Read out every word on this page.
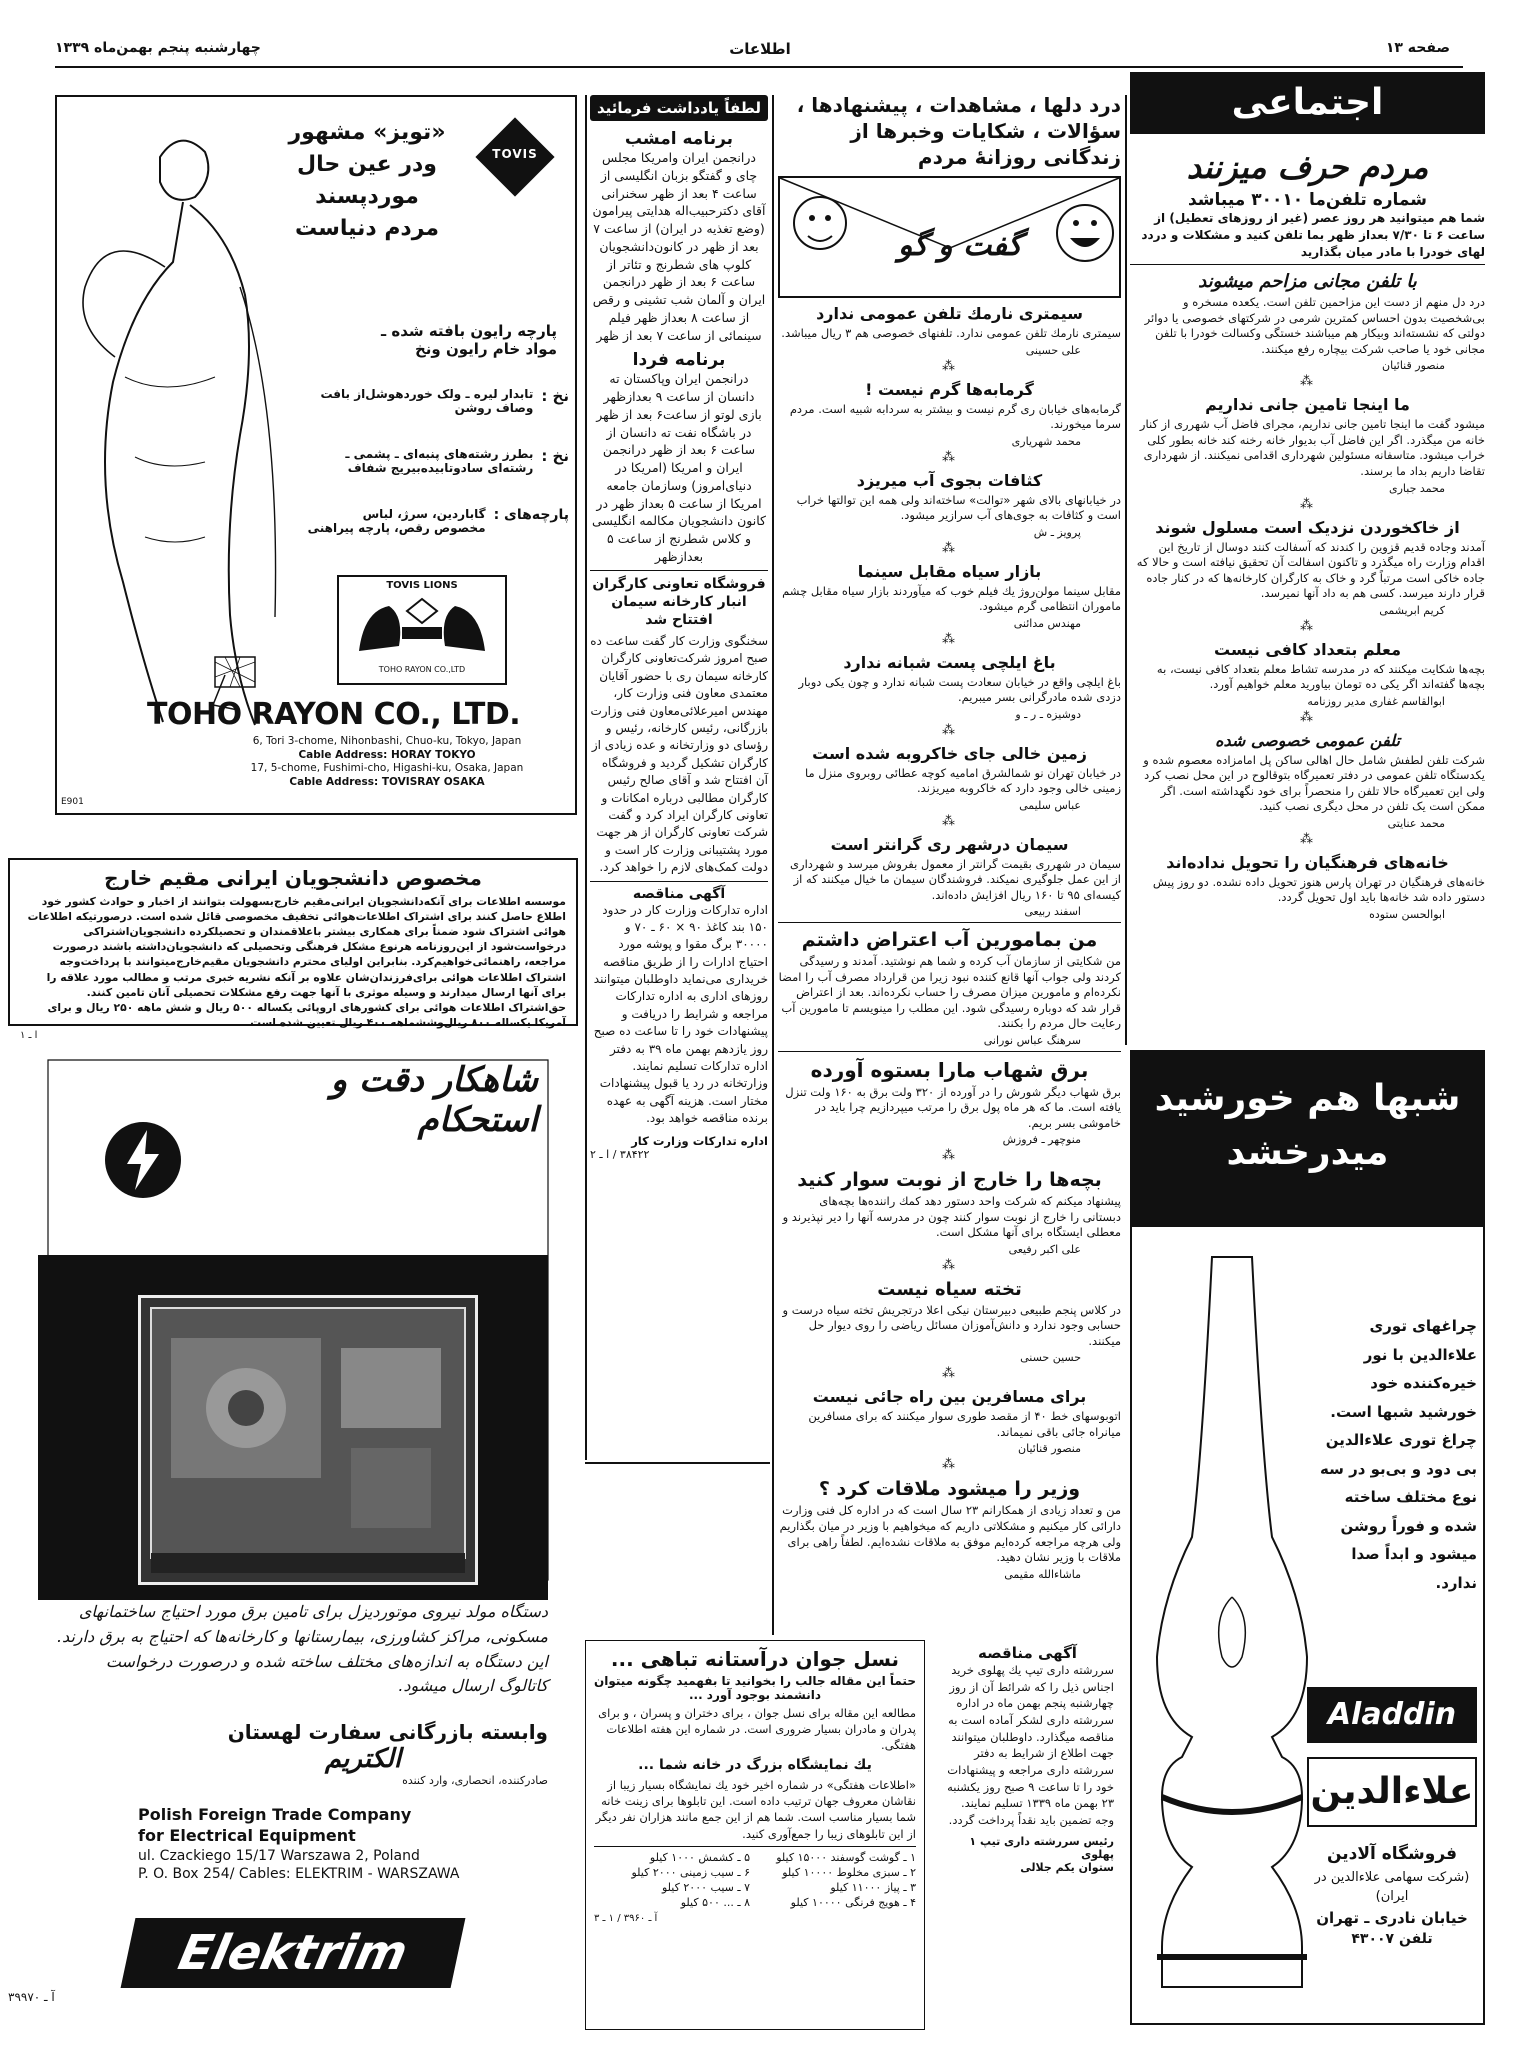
چهارشنبه پنجم بهمن‌ماه ۱۳۳۹	اطلاعات	صفحه ۱۳
TOVIS
«تویز» مشهور
ودر عین حال
موردپسند
مردم دنیاست
پارچه رایون بافته شده ـ
مواد خام رایون ونخ
نخ :
تابدار لیره ـ ولک خوردهوشل‌از بافت وصاف روشن
نخ :
بطرز رشته‌های پنبه‌ای ـ پشمی ـ رشته‌ای سادوتابیده‌بیریج شفاف
پارچه‌های :
گاباردین، سرژ، لباس مخصوص رقص، پارچه پیراهنی
TOVIS LIONS
TOHO RAYON CO.,LTD
TOHO RAYON CO., LTD.
6, Tori 3-chome, Nihonbashi, Chuo-ku, Tokyo, Japan
Cable Address: HORAY TOKYO
17, 5-chome, Fushimi-cho, Higashi-ku, Osaka, Japan
Cable Address: TOVISRAY OSAKA
E901
مخصوص دانشجویان ایرانی مقیم خارج
موسسه اطلاعات برای آنکه‌دانشجویان ایرانی‌مقیم خارج‌بسهولت بتوانند از اخبار و حوادث کشور خود اطلاع حاصل کنند برای اشتراک اطلاعات‌هوائی تخفیف مخصوصی قائل شده است. درصورتیکه اطلاعات هوائی‌ اشتراک شود ضمناً برای همکاری بیشتر باعلاقمندان و تحصیلکرده دانشجویان‌اشتراکی درخواست‌شود از این‌روزنامه هرنوع مشکل فرهنگی وتحصیلی که دانشجویان‌داشته باشند درصورت مراجعه، راهنمائی‌خواهیم‌کرد. بنابراین اولیای‌ محترم دانشجویان مقیم‌خارج‌میتوانند‌ با‌ پرداخت‌وجه‌ اشتراک اطلاعات هوائی برای‌فرزندان‌شان علاوه بر آنکه نشریه خبری مرتب و مطالب مورد علاقه را برای آنها ارسال میدارند و وسیله موثری با آنها جهت رفع مشکلات تحصیلی آنان تامین کنند.
حق‌اشتراک اطلاعات هوائی برای کشورهای اروپائی یکساله ۵۰۰ ریال و شش ماهه ۲۵۰ ریال و برای آمریکا یکساله ۸۰۰ ریال‌وششماهه ۴۰۰ ریال تعیین شده است
ا ـ ۱
شاهکار دقت و استحکام
دستگاه مولد نیروی موتوردیزل برای تامین برق مورد احتیاج ساختمانهای مسکونی، مراکز کشاورزی، بیمارستانها و کارخانه‌ها که احتیاج به برق دارند. این دستگاه به اندازه‌های مختلف ساخته شده و درصورت درخواست کاتالوگ ارسال میشود.
وابسته بازرگانی سفارت لهستان
الکتریم
صادرکننده، انحصاری، وارد کننده
Polish Foreign Trade Company
for Electrical Equipment
ul. Czackiego 15/17 Warszawa 2, Poland
P. O. Box 254/ Cables: ELEKTRIM - WARSZAWA
Elektrim
آ ـ ۳۹۹۷۰
لطفاً یادداشت فرمائید
برنامه امشب
درانجمن ایران وامریکا مجلس چای و گفتگو بزبان انگلیسی از ساعت ۴ بعد از ظهر سخنرانی آقای دکترحبیب‌اله هدایتی پیرامون (وضع تغذیه در ایران) از ساعت ۷ بعد از ظهر در کانون‌دانشجویان کلوپ های شطرنج و تئاتر از ساعت ۶ بعد از ظهر درانجمن ایران و آلمان شب تشینی و رقص از ساعت ۸ بعداز ظهر فیلم سینمائی از ساعت ۷ بعد از ظهر
برنامه فردا
درانجمن ایران وپاکستان ته دانسان از ساعت ۹ بعدازظهر بازی لوتو از ساعت۶ بعد از ظهر در باشگاه نفت ته دانسان از ساعت ۶ بعد از ظهر درانجمن ایران و امریکا (امریکا در دنیای‌امروز) وسازمان جامعه امریکا از ساعت ۵ بعداز ظهر در کانون دانشجویان مکالمه انگلیسی و کلاس شطرنج از ساعت ۵ بعدازظهر
فروشگاه تعاونی کارگران انبار کارخانه سیمان افتتاح شد
سخنگوی وزارت کار گفت ساعت ده صبح امروز شرکت‌تعاونی کارگران کارخانه سیمان ری با حضور آقایان معتمدی معاون فنی وزارت کار، مهندس امیرعلائی‌معاون فنی وزارت بازرگانی، رئیس کارخانه، رئیس و رؤسای دو وزارتخانه و عده زیادی از کارگران تشکیل گردید و فروشگاه آن افتتاح شد و آقای صالح رئیس کارگران مطالبی درباره امکانات و تعاونی کارگران ایراد کرد و گفت شرکت تعاونی کارگران از هر جهت مورد پشتیبانی وزارت کار است و دولت کمک‌های لازم را خواهد کرد.
آگهی مناقصه
اداره تدارکات وزارت کار در حدود ۱۵۰ بند کاغذ ۹۰ × ۶۰ ـ ۷۰ و ۳۰۰۰۰ برگ مقوا و پوشه مورد احتیاج ادارات را از طریق مناقصه خریداری می‌نماید داوطلبان میتوانند روزهای اداری به اداره تدارکات مراجعه و شرایط را دریافت و پیشنهادات خود را تا ساعت ده صبح روز یازدهم بهمن ماه ۳۹ به دفتر اداره تدارکات تسلیم نمایند. وزارتخانه در رد یا قبول پیشنهادات مختار است. هزینه آگهی به عهده برنده مناقصه خواهد بود.
اداره تدارکات وزارت کار
۳۸۴۲۲ / ا ـ ۲
درد دلها ، مشاهدات ، پیشنهادها ،
سؤالات ، شکایات وخبرها از
زندگانی روزانهٔ مردم
گفت و گو
سیمتری نارمك تلفن عمومی ندارد
سیمتری نارمك تلفن عمومی ندارد. تلفنهای خصوصی هم ۳ ریال میباشد.
علی حسینی
⁂
گرمابه‌ها گرم نیست !
گرمابه‌های خیابان ری گرم نیست و بیشتر به سردابه شبیه است. مردم سرما میخورند.
محمد شهریاری
⁂
کثافات بجوی آب میریزد
در خیابانهای بالای شهر «توالت» ساخته‌اند ولی همه این توالتها خراب است و کثافات به جوی‌های آب سرازیر میشود.
پرویز ـ ش
⁂
بازار سیاه مقابل سینما
مقابل سینما مولن‌روژ یك فیلم خوب که میآوردند بازار سیاه مقابل چشم ماموران انتظامی گرم میشود.
مهندس مدائنی
⁂
باغ ایلچی پست شبانه ندارد
باغ ایلچی واقع در خیابان سعادت پست شبانه ندارد و چون یکی دوبار دزدی شده مادرگرانی بسر میبریم.
دوشیزه ـ ر ـ و
⁂
زمین خالی جای خاکروبه شده است
در خیابان تهران نو شمالشرق امامیه کوچه عطائی روبروی منزل ما زمینی خالی وجود دارد که خاکروبه میریزند.
عباس سلیمی
⁂
سیمان درشهر ری گرانتر است
سیمان در شهرری بقیمت گرانتر از معمول بفروش میرسد و شهرداری از این عمل جلوگیری نمیکند. فروشندگان سیمان ما خیال میکنند که از کیسه‌ای ۹۵ تا ۱۶۰ ریال افزایش داده‌اند.
اسفند ربیعی
من بمامورین آب اعتراض داشتم
من شکایتی از سازمان آب کرده و شما هم نوشتید. آمدند و رسیدگی کردند ولی جواب آنها قانع کننده نبود زیرا من قرارداد مصرف آب را امضا نکرده‌ام و مامورین میزان مصرف را حساب نکرده‌اند. بعد از اعتراض قرار شد که دوباره رسیدگی شود. این مطلب را مینویسم تا مامورین آب رعایت حال مردم را بکنند.
سرهنگ عباس نورانی
برق شهاب مارا بستوه آورده
برق شهاب دیگر شورش را در آورده از ۳۲۰ ولت برق به ۱۶۰ ولت تنزل یافته است. ما که هر ماه پول برق را مرتب میپردازیم چرا باید در خاموشی بسر بریم.
منوچهر ـ فروزش
⁂
بچه‌ها را خارج از نوبت سوار کنید
پیشنهاد میکنم که شرکت واحد دستور دهد کمك راننده‌ها بچه‌های دبستانی را خارج از نوبت سوار کنند چون در مدرسه آنها را دیر نپذیرند و معطلی ایستگاه برای آنها مشکل است.
علی اکبر رفیعی
⁂
تخته سیاه نیست
در کلاس پنجم طبیعی دبیرستان نیکی اعلا درتجریش تخته سیاه درست و حسابی وجود ندارد و دانش‌آموزان مسائل ریاضی را روی دیوار حل میکنند.
حسین حسنی
⁂
برای مسافرین بین راه جائی نیست
اتوبوسهای خط ۴۰ از مقصد طوری سوار میکنند که برای مسافرین میانراه جائی باقی نمیماند.
منصور قنائیان
⁂
وزیر را میشود ملاقات کرد ؟
من و تعداد زیادی از همکارانم ۲۳ سال است که در اداره کل فنی وزارت دارائی کار میکنیم و مشکلاتی داریم که میخواهیم با وزیر در میان بگذاریم ولی هرچه مراجعه کرده‌ایم موفق به ملاقات نشده‌ایم. لطفاً راهی برای ملاقات با وزیر نشان دهید.
ماشاءالله مقیمی
نسل جوان درآستانه تباهی ...
حتماً این مقاله جالب را بخوانید تا بفهمید چگونه میتوان دانشمند بوجود آورد ...
مطالعه این مقاله برای نسل جوان ، برای دختران و پسران ، و برای پدران و مادران بسیار ضروری است. در شماره این هفته اطلاعات هفتگی.
یك نمایشگاه بزرگ در خانه شما ...
«اطلاعات هفتگی» در شماره اخیر خود یك نمایشگاه بسیار زیبا از نقاشان معروف جهان ترتیب داده است. این تابلوها برای زینت خانه شما بسیار مناسب است. شما هم از این جمع مانند هزاران نفر دیگر از این تابلوهای زیبا را جمع‌آوری کنید.
۱ ـ گوشت گوسفند ۱۵۰۰۰ کیلو
۵ ـ کشمش ۱۰۰۰ کیلو
۲ ـ سبزی مخلوط ۱۰۰۰۰ کیلو
۶ ـ سیب زمینی ۲۰۰۰ کیلو
۳ ـ پیاز ۱۱۰۰۰ کیلو
۷ ـ سیب ۲۰۰۰ کیلو
۴ ـ هویج فرنگی ۱۰۰۰۰ کیلو
۸ ـ ... ۵۰۰ کیلو
آ ـ ۳۹۶۰ / ۱ ـ ۳
آگهی مناقصه
سررشته داری تیپ یك پهلوی خرید اجناس ذیل را که شرائط آن از روز چهارشنبه پنجم بهمن ماه در اداره سررشته داری لشکر آماده است به مناقصه میگذارد. داوطلبان میتوانند جهت اطلاع از شرایط به دفتر سررشته داری مراجعه و پیشنهادات خود را تا ساعت ۹ صبح روز یکشنبه ۲۳ بهمن ماه ۱۳۳۹ تسلیم نمایند. وجه تضمین باید نقداً پرداخت گردد.
رئیس سررشته داری تیپ ۱ پهلوی
ستوان یکم جلالی
اجتماعی
مردم حرف میزنند
شماره تلفن‌ما ۳۰۰۱۰ میباشد
شما هم میتوانید هر روز عصر (غیر از روزهای تعطیل) از ساعت ۶ تا ۷/۳۰ بعداز ظهر بما تلفن کنید و مشکلات و دردد لهای خودرا با مادر میان بگذارید
با تلفن مجانی مزاحم میشوند
درد دل منهم از دست این مزاحمین تلفن است. یکعده مسخره و بی‌شخصیت بدون احساس کمترین شرمی در شرکتهای خصوصی یا دوائر دولتی که نشسته‌اند وبیکار هم میباشند خستگی وکسالت خودرا با تلفن مجانی خود یا صاحب شرکت بیچاره رفع میکنند.
منصور قنائیان
⁂
ما اینجا تامین جانی نداریم
میشود گفت ما اینجا تامین جانی نداریم، مجرای فاضل آب شهرری از کنار خانه من میگذرد. اگر این فاضل آب بدیوار خانه رخنه کند خانه بطور کلی خراب میشود. متاسفانه مسئولین شهرداری اقدامی نمیکنند. از شهرداری تقاضا داریم بداد ما برسند.
محمد جباری
⁂
از خاکخوردن نزدیک است مسلول شوند
آمدند وجاده قدیم قزوین را کندند که آسفالت کنند دوسال از تاریخ این اقدام وزارت راه میگذرد و تاکنون اسفالت آن تحقیق نیافته است و حالا که جاده خاکی است مرتباً گرد و خاک به کارگران کارخانه‌ها که در کنار جاده قرار دارند میرسد. کسی هم به داد آنها نمیرسد.
کریم ابریشمی
⁂
معلم بتعداد کافی نیست
بچه‌ها شکایت میکنند که در مدرسه تشاط معلم بتعداد کافی نیست، به بچه‌ها گفته‌اند اگر یکی ده تومان بیاورید معلم خواهیم آورد.
ابوالقاسم غفاری مدیر روزنامه
⁂
تلفن عمومی خصوصی شده
شرکت تلفن لطفش شامل حال اهالی ساکن پل امامزاده معصوم شده و یکدستگاه تلفن عمومی در دفتر تعمیرگاه بتوقالوح در این محل نصب کرد ولی این تعمیرگاه حالا تلفن را منحصراً برای خود نگهداشته است. اگر ممکن است یک تلفن در محل دیگری نصب کنید.
محمد عنایتی
⁂
خانه‌های فرهنگیان را تحویل نداده‌اند
خانه‌های فرهنگیان در تهران پارس هنوز تحویل داده نشده. دو روز پیش دستور داده شد خانه‌ها باید اول تحویل گردد.
ابوالحسن ستوده
شبها هم خورشید
میدرخشد
چراغهای توری علاءالدین با نور خیره‌کننده خود خورشید شبها است. چراغ توری علاءالدین بی دود و بی‌بو در سه نوع مختلف ساخته شده و فوراً روشن میشود و ابداً صدا ندارد.
Aladdin
علاءالدین
فروشگاه آلادین
(شرکت سهامی علاءالدین در ایران)
خیابان نادری ـ تهران
تلفن ۴۳۰۰۷
